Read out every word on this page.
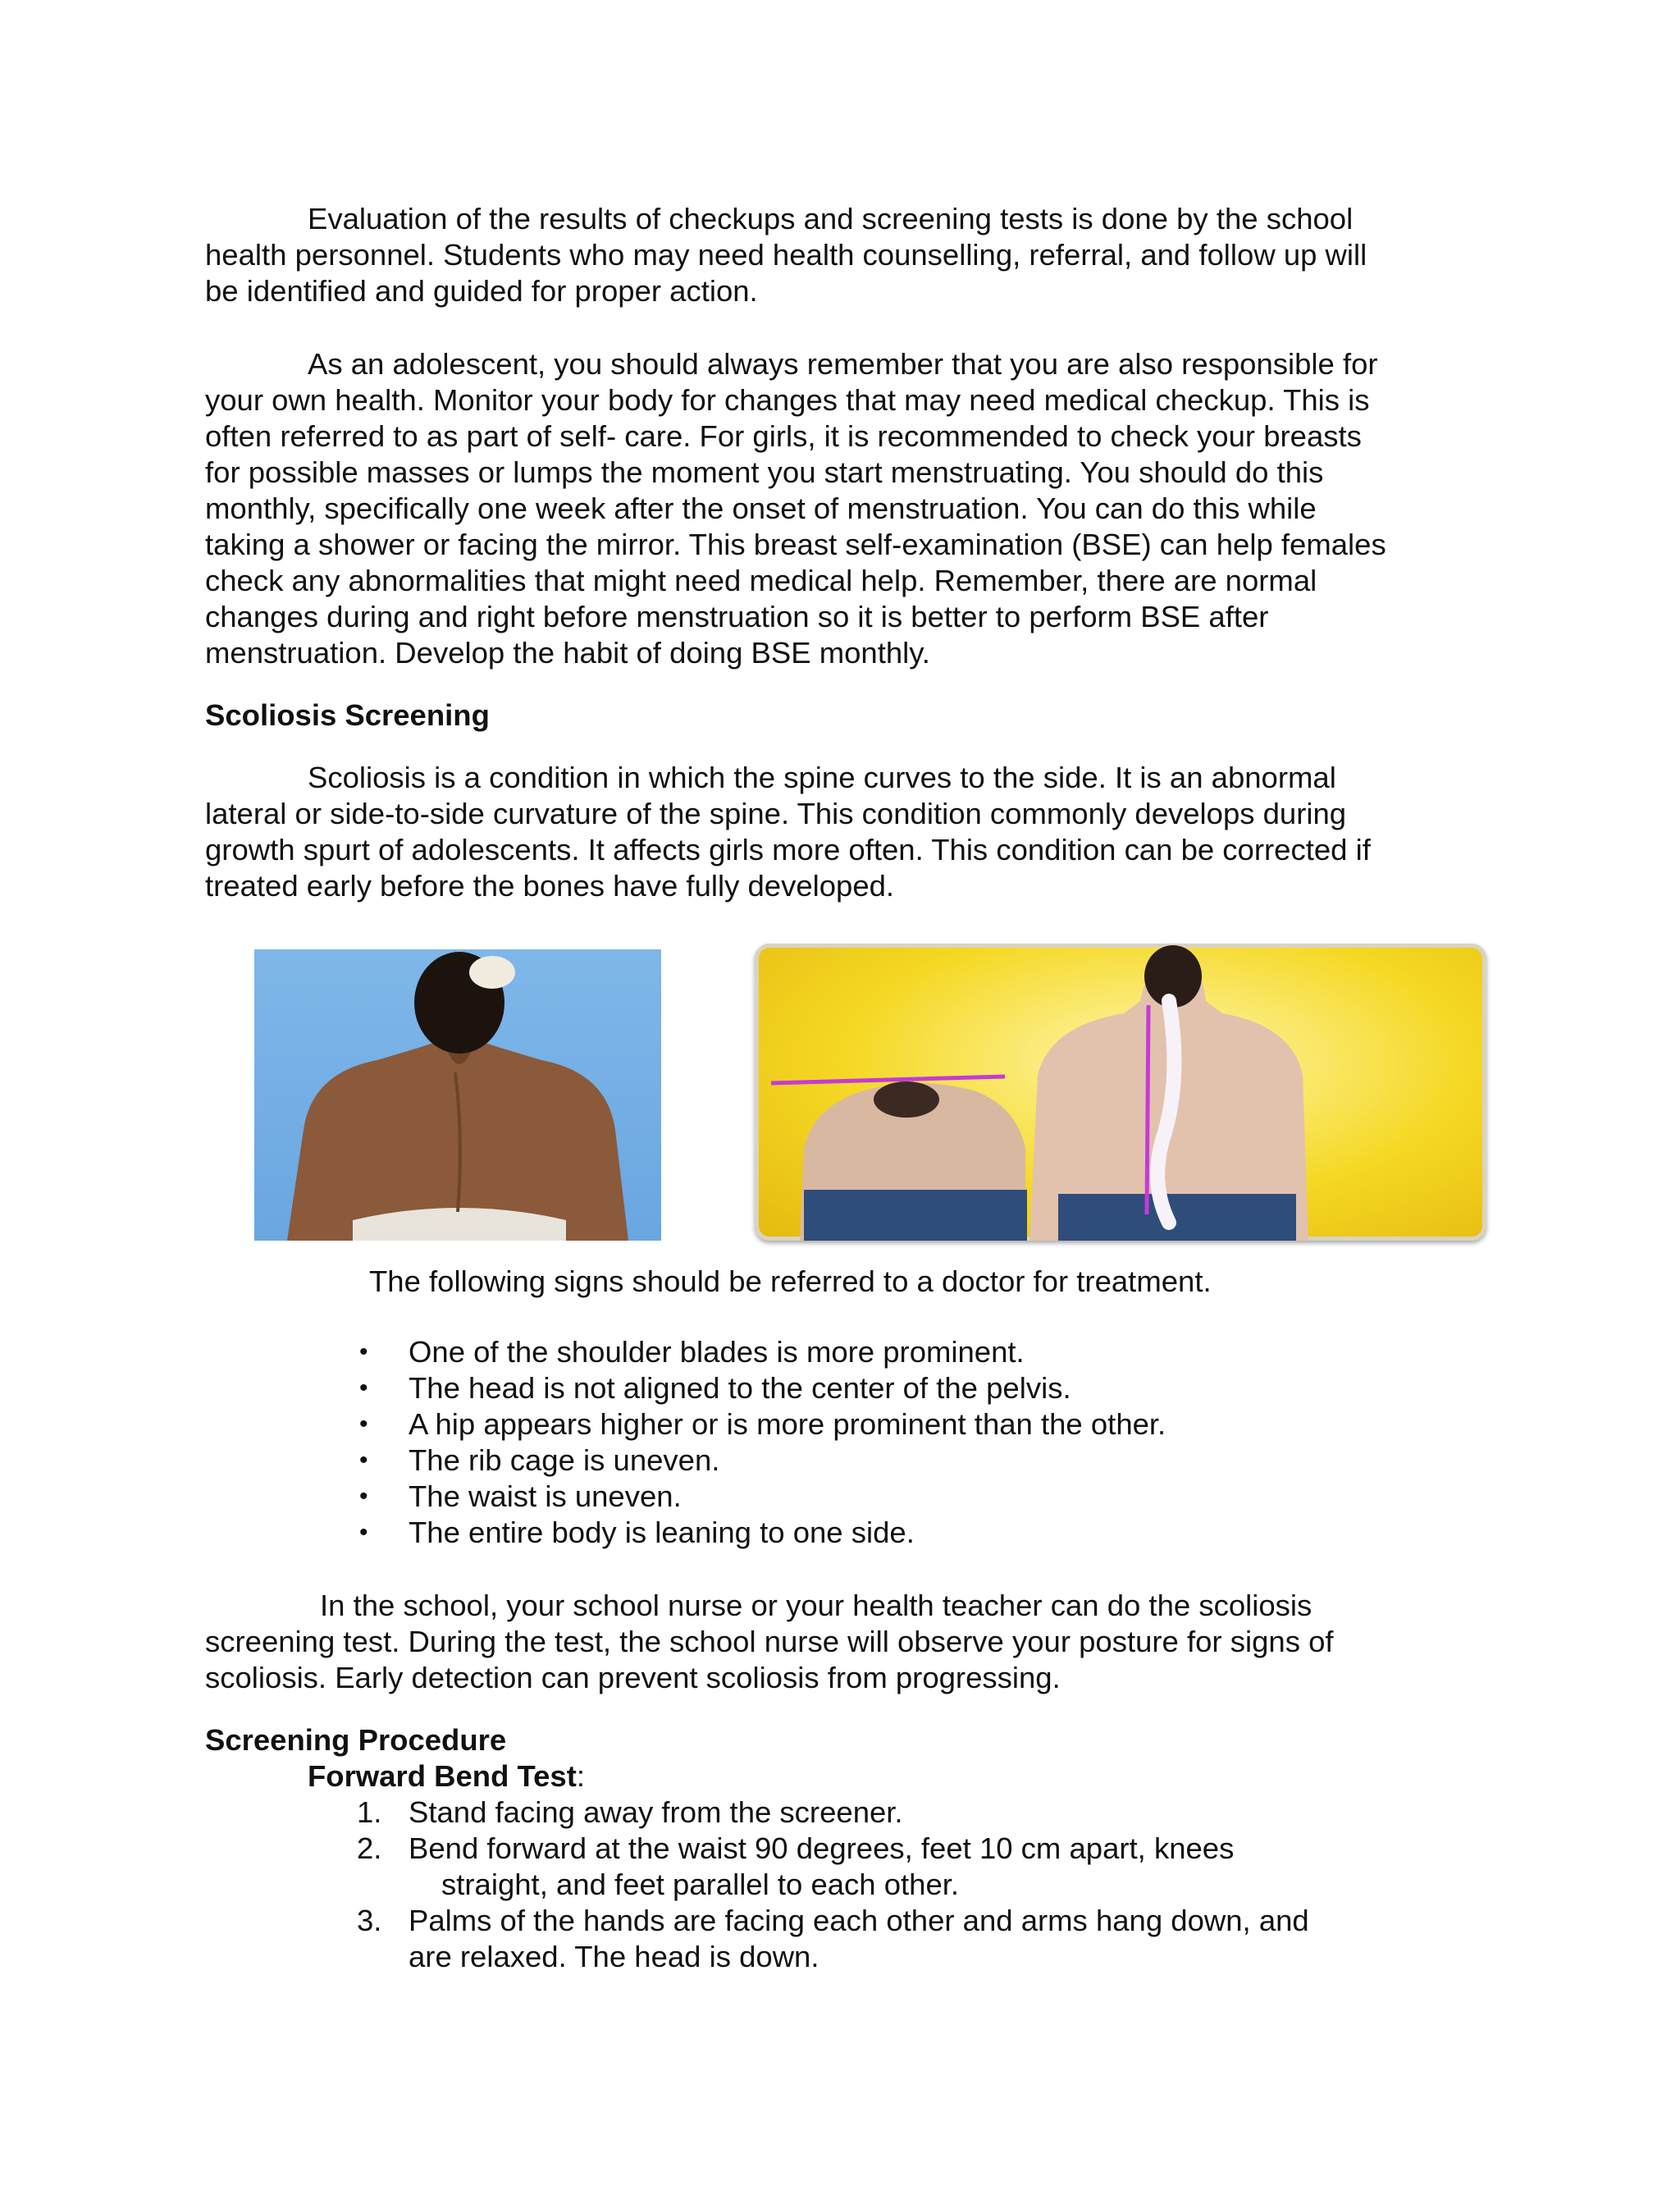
Evaluation of the results of checkups and screening tests is done by the school health personnel. Students who may need health counselling, referral, and follow up will be identified and guided for proper action.

As an adolescent, you should always remember that you are also responsible for your own health. Monitor your body for changes that may need medical checkup. This is often referred to as part of self- care. For girls, it is recommended to check your breasts for possible masses or lumps the moment you start menstruating. You should do this monthly, specifically one week after the onset of menstruation. You can do this while taking a shower or facing the mirror. This breast self-examination (BSE) can help females check any abnormalities that might need medical help. Remember, there are normal changes during and right before menstruation so it is better to perform BSE after menstruation. Develop the habit of doing BSE monthly.

Scoliosis Screening

Scoliosis is a condition in which the spine curves to the side. It is an abnormal lateral or side-to-side curvature of the spine. This condition commonly develops during growth spurt of adolescents. It affects girls more often. This condition can be corrected if treated early before the bones have fully developed.

The following signs should be referred to a doctor for treatment.

• One of the shoulder blades is more prominent.
• The head is not aligned to the center of the pelvis.
• A hip appears higher or is more prominent than the other.
• The rib cage is uneven.
• The waist is uneven.
• The entire body is leaning to one side.

In the school, your school nurse or your health teacher can do the scoliosis screening test. During the test, the school nurse will observe your posture for signs of scoliosis. Early detection can prevent scoliosis from progressing.

Screening Procedure

Forward Bend Test:

1. Stand facing away from the screener.
2. Bend forward at the waist 90 degrees, feet 10 cm apart, knees
straight, and feet parallel to each other.
3. Palms of the hands are facing each other and arms hang down, and
are relaxed. The head is down.
